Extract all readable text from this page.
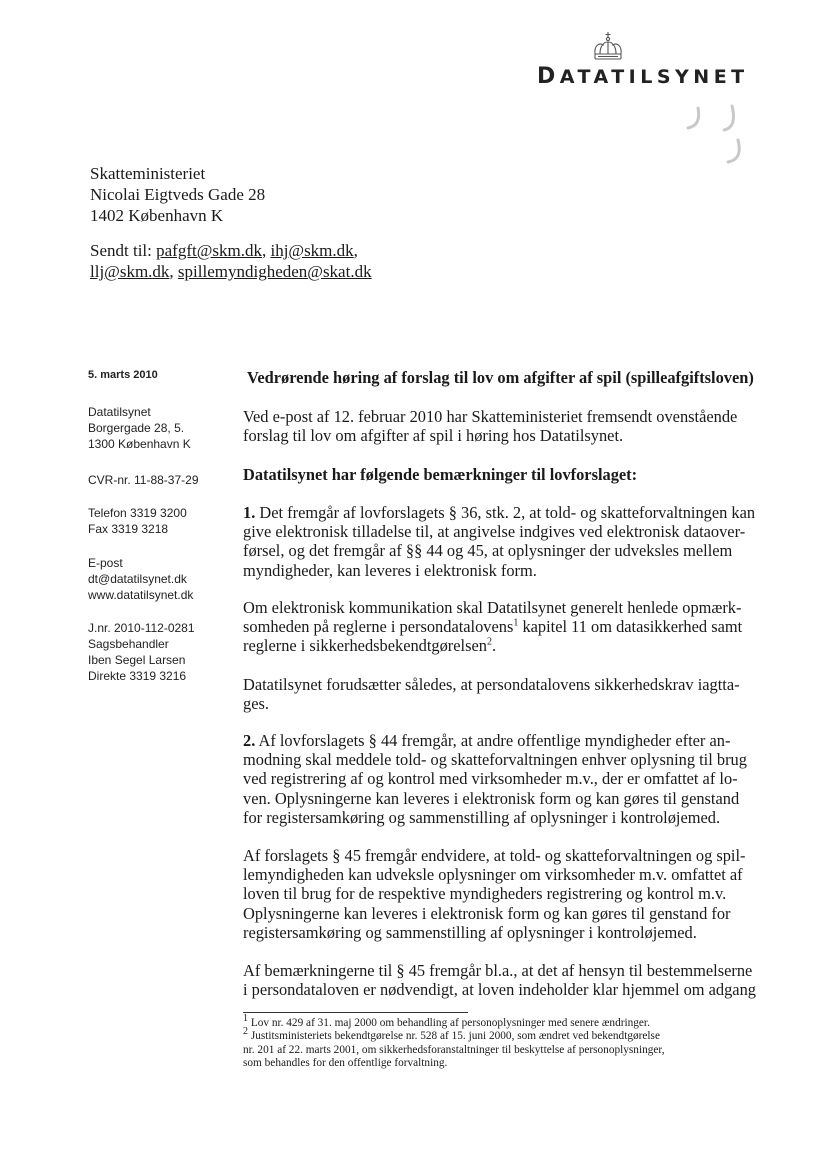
DATATILSYNET
Skatteministeriet
Nicolai Eigtveds Gade 28
1402 København K
Sendt til: pafgft@skm.dk, ihj@skm.dk,
llj@skm.dk, spillemyndigheden@skat.dk
5. marts 2010
Datatilsynet
Borgergade 28, 5.
1300 København K
CVR-nr. 11-88-37-29
Telefon 3319 3200
Fax 3319 3218
E-post
dt@datatilsynet.dk
www.datatilsynet.dk
J.nr. 2010-112-0281
Sagsbehandler
Iben Segel Larsen
Direkte 3319 3216
Vedrørende høring af forslag til lov om afgifter af spil (spilleafgiftsloven)

Ved e-post af 12. februar 2010 har Skatteministeriet fremsendt ovenstående

forslag til lov om afgifter af spil i høring hos Datatilsynet.

Datatilsynet har følgende bemærkninger til lovforslaget:

1. Det fremgår af lovforslagets § 36, stk. 2, at told- og skatteforvaltningen kan

give elektronisk tilladelse til, at angivelse indgives ved elektronisk dataover-

førsel, og det fremgår af §§ 44 og 45, at oplysninger der udveksles mellem

myndigheder, kan leveres i elektronisk form.

Om elektronisk kommunikation skal Datatilsynet generelt henlede opmærk-

somheden på reglerne i persondatalovens$^1$ kapitel 11 om datasikkerhed samt

reglerne i sikkerhedsbekendtgørelsen$^2$.

Datatilsynet forudsætter således, at persondatalovens sikkerhedskrav iagtta-

ges.

2. Af lovforslagets § 44 fremgår, at andre offentlige myndigheder efter an-

modning skal meddele told- og skatteforvaltningen enhver oplysning til brug

ved registrering af og kontrol med virksomheder m.v., der er omfattet af lo-

ven. Oplysningerne kan leveres i elektronisk form og kan gøres til genstand

for registersamkøring og sammenstilling af oplysninger i kontroløjemed.

Af forslagets § 45 fremgår endvidere, at told- og skatteforvaltningen og spil-

lemyndigheden kan udveksle oplysninger om virksomheder m.v. omfattet af

loven til brug for de respektive myndigheders registrering og kontrol m.v.

Oplysningerne kan leveres i elektronisk form og kan gøres til genstand for

registersamkøring og sammenstilling af oplysninger i kontroløjemed.

Af bemærkningerne til § 45 fremgår bl.a., at det af hensyn til bestemmelserne

i persondataloven er nødvendigt, at loven indeholder klar hjemmel om adgang

$^1$ Lov nr. 429 af 31. maj 2000 om behandling af personoplysninger med senere ændringer.

$^2$ Justitsministeriets bekendtgørelse nr. 528 af 15. juni 2000, som ændret ved bekendtgørelse

nr. 201 af 22. marts 2001, om sikkerhedsforanstaltninger til beskyttelse af personoplysninger,

som behandles for den offentlige forvaltning.
